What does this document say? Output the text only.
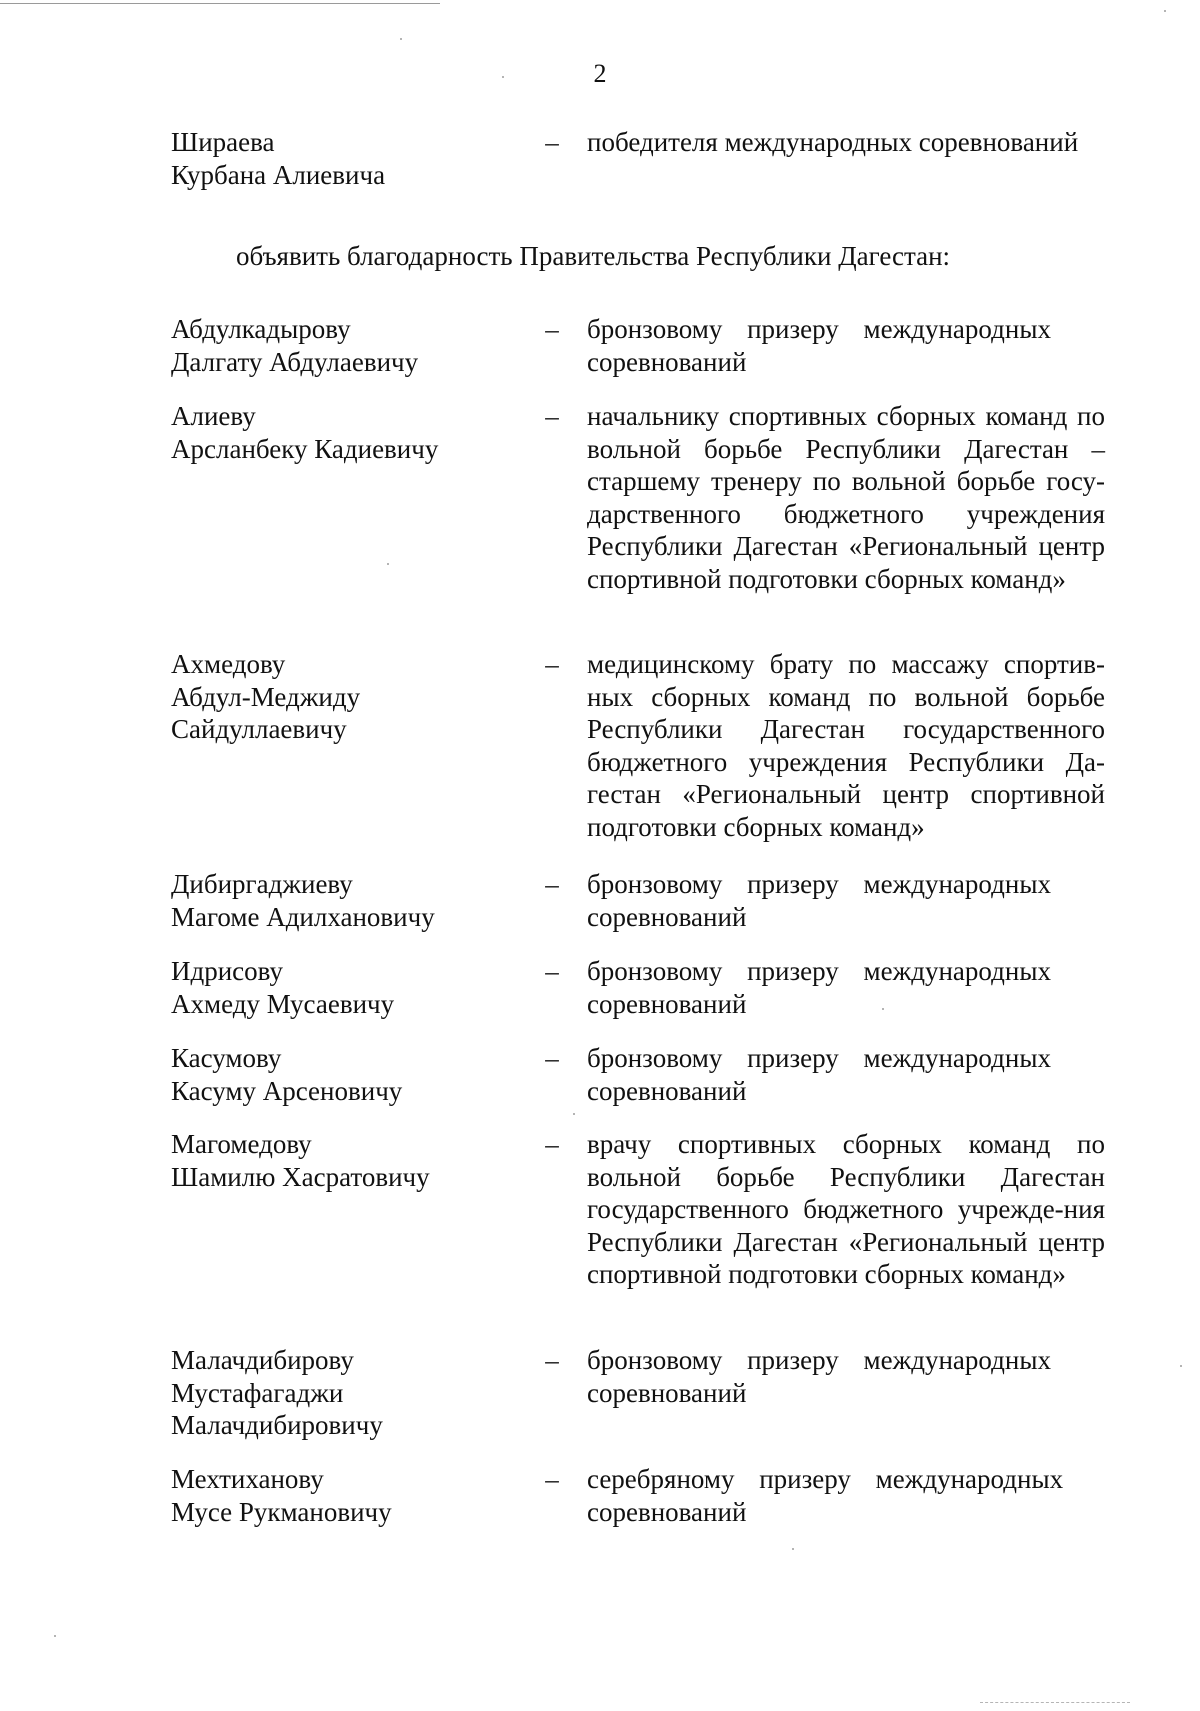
2
Шираева
Курбана Алиевича
– победителя международных соревнований
объявить благодарность Правительства Республики Дагестан:
Абдулкадырову
Далгату Абдулаевичу
– бронзовому призеру международных
соревнований
Алиеву
Арсланбеку Кадиевичу
– начальнику спортивных сборных команд по вольной борьбе Республики Дагестан – старшему тренеру по вольной борьбе госу-дарственного бюджетного учреждения Республики Дагестан «Региональный центр спортивной подготовки сборных команд»
Ахмедову
Абдул-Меджиду
Сайдуллаевичу
– медицинскому брату по массажу спортив-ных сборных команд по вольной борьбе Республики Дагестан государственного бюджетного учреждения Республики Да-гестан «Региональный центр спортивной подготовки сборных команд»
Дибиргаджиеву
Магоме Адилхановичу
– бронзовому призеру международных
соревнований
Идрисову
Ахмеду Мусаевичу
– бронзовому призеру международных
соревнований
Касумову
Касуму Арсеновичу
– бронзовому призеру международных
соревнований
Магомедову
Шамилю Хасратовичу
– врачу спортивных сборных команд по вольной борьбе Республики Дагестан государственного бюджетного учрежде-ния Республики Дагестан «Региональный центр спортивной подготовки сборных команд»
Малачдибирову
Мустафагаджи
Малачдибировичу
– бронзовому призеру международных
соревнований
Мехтиханову
Мусе Рукмановичу
– серебряному призеру международных
соревнований
